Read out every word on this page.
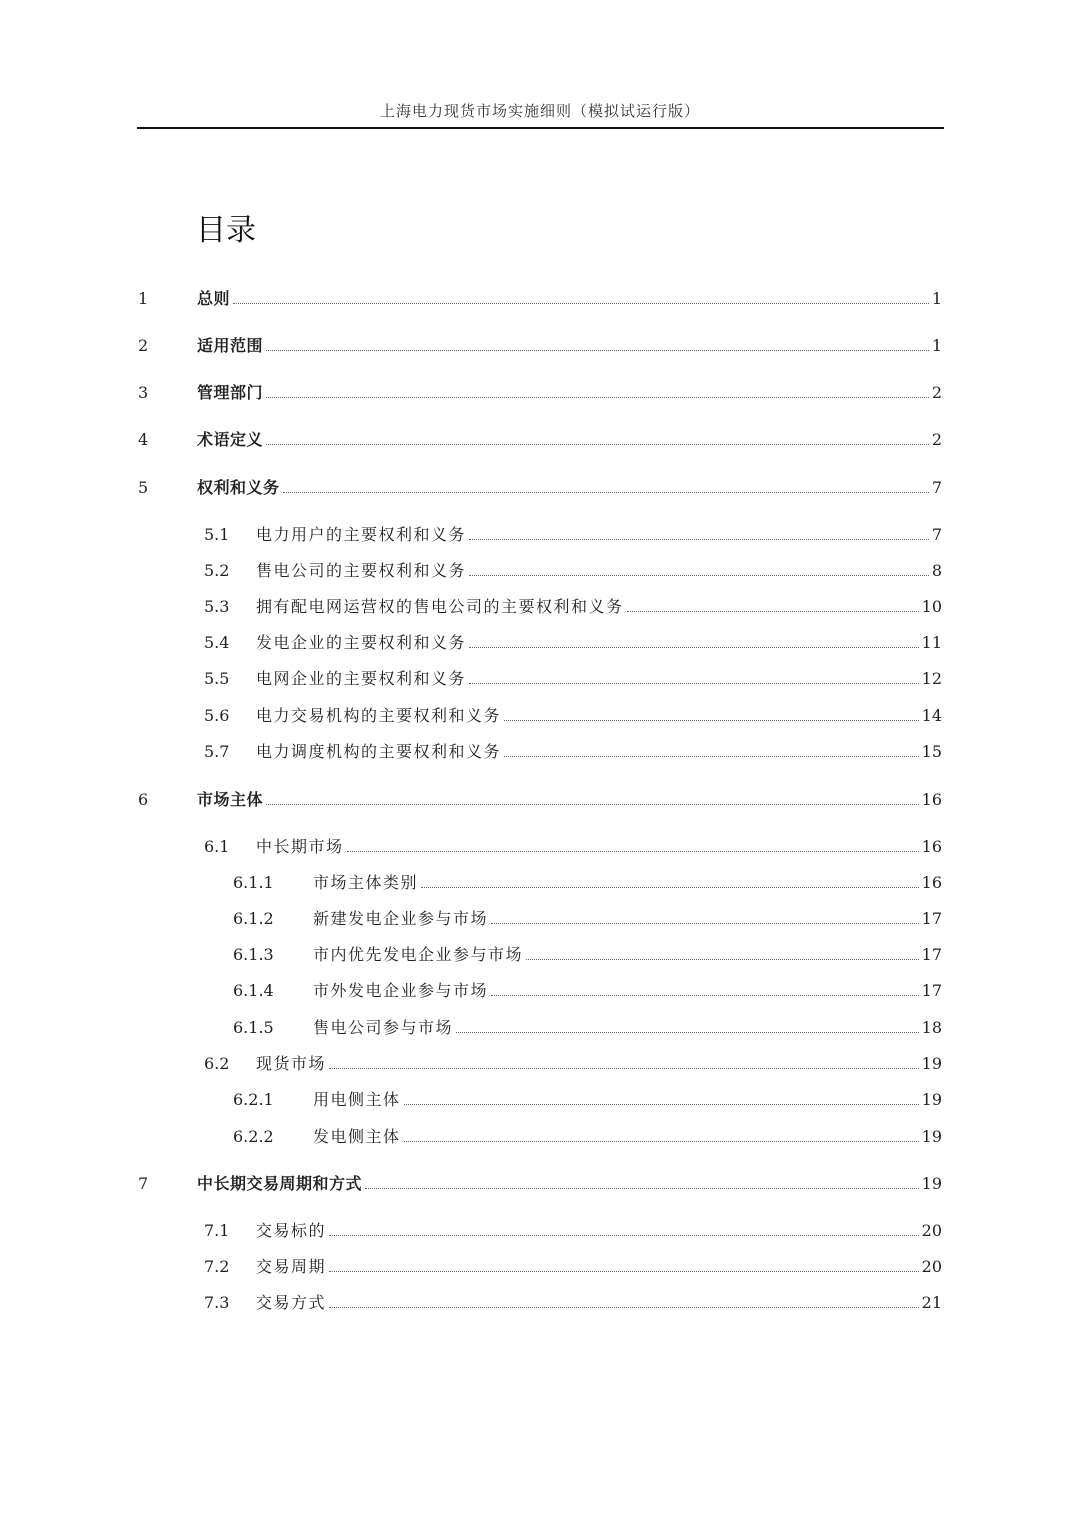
上海电力现货市场实施细则（模拟试运行版）
目录
1	总则	1
2	适用范围	1
3	管理部门	2
4	术语定义	2
5	权利和义务	7
5.1 电力用户的主要权利和义务	7
5.2 售电公司的主要权利和义务	8
5.3 拥有配电网运营权的售电公司的主要权利和义务	10
5.4 发电企业的主要权利和义务	11
5.5 电网企业的主要权利和义务	12
5.6 电力交易机构的主要权利和义务	14
5.7 电力调度机构的主要权利和义务	15
6	市场主体	16
6.1 中长期市场	16
6.1.1 市场主体类别	16
6.1.2 新建发电企业参与市场	17
6.1.3 市内优先发电企业参与市场	17
6.1.4 市外发电企业参与市场	17
6.1.5 售电公司参与市场	18
6.2 现货市场	19
6.2.1 用电侧主体	19
6.2.2 发电侧主体	19
7	中长期交易周期和方式	19
7.1 交易标的	20
7.2 交易周期	20
7.3 交易方式	21
